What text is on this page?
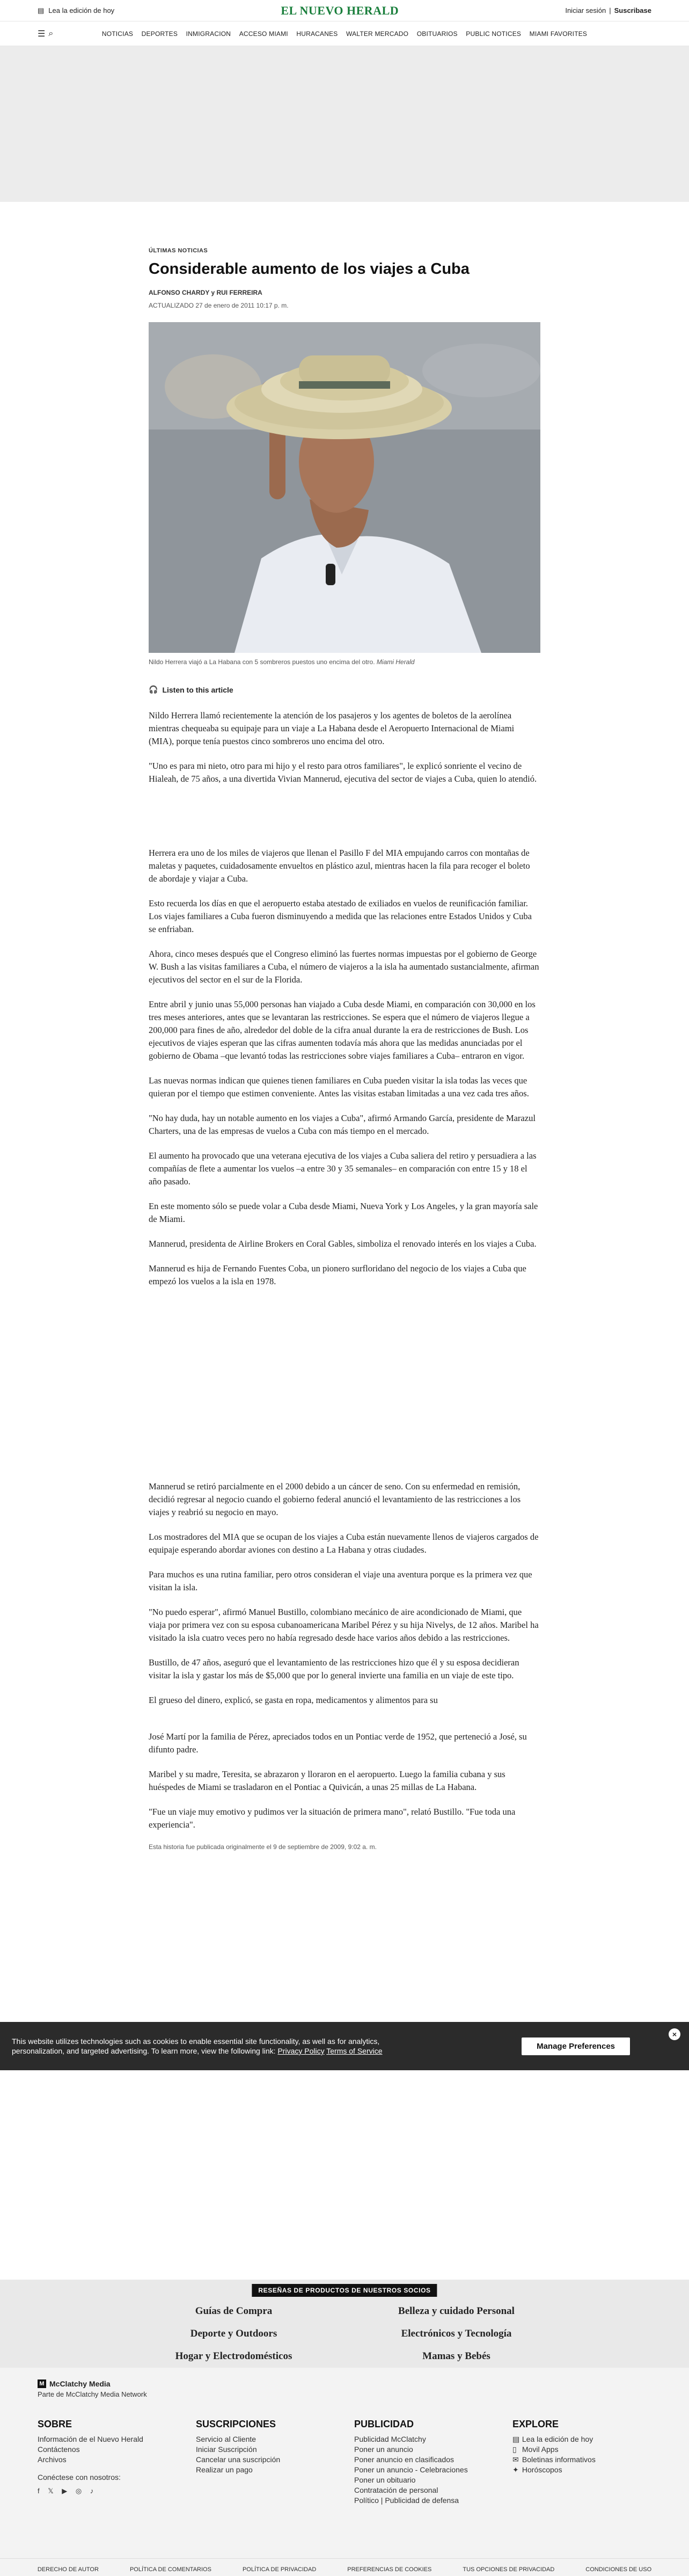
▤ Lea la edición de hoy	EL NUEVO HERALD	Iniciar sesión | Suscribase
☰ ⌕	NOTICIAS DEPORTES INMIGRACION ACCESO MIAMI HURACANES WALTER MERCADO OBITUARIOS PUBLIC NOTICES MIAMI FAVORITES
ÚLTIMAS NOTICIAS
Considerable aumento de los viajes a Cuba
ALFONSO CHARDY y RUI FERREIRA
ACTUALIZADO 27 de enero de 2011 10:17 p. m.
Nildo Herrera viajó a La Habana con 5 sombreros puestos uno encima del otro. Miami Herald
🎧 Listen to this article

Nildo Herrera llamó recientemente la atención de los pasajeros y los agentes de boletos de la aerolínea mientras chequeaba su equipaje para un viaje a La Habana desde el Aeropuerto Internacional de Miami (MIA), porque tenía puestos cinco sombreros uno encima del otro.

"Uno es para mi nieto, otro para mi hijo y el resto para otros familiares", le explicó sonriente el vecino de Hialeah, de 75 años, a una divertida Vivian Mannerud, ejecutiva del sector de viajes a Cuba, quien lo atendió.

Herrera era uno de los miles de viajeros que llenan el Pasillo F del MIA empujando carros con montañas de maletas y paquetes, cuidadosamente envueltos en plástico azul, mientras hacen la fila para recoger el boleto de abordaje y viajar a Cuba.

Esto recuerda los días en que el aeropuerto estaba atestado de exiliados en vuelos de reunificación familiar. Los viajes familiares a Cuba fueron disminuyendo a medida que las relaciones entre Estados Unidos y Cuba se enfriaban.

Ahora, cinco meses después que el Congreso eliminó las fuertes normas impuestas por el gobierno de George W. Bush a las visitas familiares a Cuba, el número de viajeros a la isla ha aumentado sustancialmente, afirman ejecutivos del sector en el sur de la Florida.

Entre abril y junio unas 55,000 personas han viajado a Cuba desde Miami, en comparación con 30,000 en los tres meses anteriores, antes que se levantaran las restricciones. Se espera que el número de viajeros llegue a 200,000 para fines de año, alrededor del doble de la cifra anual durante la era de restricciones de Bush. Los ejecutivos de viajes esperan que las cifras aumenten todavía más ahora que las medidas anunciadas por el gobierno de Obama –que levantó todas las restricciones sobre viajes familiares a Cuba– entraron en vigor.

Las nuevas normas indican que quienes tienen familiares en Cuba pueden visitar la isla todas las veces que quieran por el tiempo que estimen conveniente. Antes las visitas estaban limitadas a una vez cada tres años.

"No hay duda, hay un notable aumento en los viajes a Cuba", afirmó Armando García, presidente de Marazul Charters, una de las empresas de vuelos a Cuba con más tiempo en el mercado.

El aumento ha provocado que una veterana ejecutiva de los viajes a Cuba saliera del retiro y persuadiera a las compañías de flete a aumentar los vuelos –a entre 30 y 35 semanales– en comparación con entre 15 y 18 el año pasado.

En este momento sólo se puede volar a Cuba desde Miami, Nueva York y Los Angeles, y la gran mayoría sale de Miami.

Mannerud, presidenta de Airline Brokers en Coral Gables, simboliza el renovado interés en los viajes a Cuba.

Mannerud es hija de Fernando Fuentes Coba, un pionero surfloridano del negocio de los viajes a Cuba que empezó los vuelos a la isla en 1978.

Mannerud se retiró parcialmente en el 2000 debido a un cáncer de seno. Con su enfermedad en remisión, decidió regresar al negocio cuando el gobierno federal anunció el levantamiento de las restricciones a los viajes y reabrió su negocio en mayo.

Los mostradores del MIA que se ocupan de los viajes a Cuba están nuevamente llenos de viajeros cargados de equipaje esperando abordar aviones con destino a La Habana y otras ciudades.

Para muchos es una rutina familiar, pero otros consideran el viaje una aventura porque es la primera vez que visitan la isla.

"No puedo esperar", afirmó Manuel Bustillo, colombiano mecánico de aire acondicionado de Miami, que viaja por primera vez con su esposa cubanoamericana Maribel Pérez y su hija Nivelys, de 12 años. Maribel ha visitado la isla cuatro veces pero no había regresado desde hace varios años debido a las restricciones.

Bustillo, de 47 años, aseguró que el levantamiento de las restricciones hizo que él y su esposa decidieran visitar la isla y gastar los más de $5,000 que por lo general invierte una familia en un viaje de este tipo.

El grueso del dinero, explicó, se gasta en ropa, medicamentos y alimentos para su

José Martí por la familia de Pérez, apreciados todos en un Pontiac verde de 1952, que perteneció a José, su difunto padre.

Maribel y su madre, Teresita, se abrazaron y lloraron en el aeropuerto. Luego la familia cubana y sus huéspedes de Miami se trasladaron en el Pontiac a Quivicán, a unas 25 millas de La Habana.

"Fue un viaje muy emotivo y pudimos ver la situación de primera mano", relató Bustillo. "Fue toda una experiencia".

Esta historia fue publicada originalmente el 9 de septiembre de 2009, 9:02 a. m.
This website utilizes technologies such as cookies to enable essential site functionality, as well as for analytics, personalization, and targeted advertising. To learn more, view the following link: Privacy Policy Terms of Service
Manage Preferences
×
RESEÑAS DE PRODUCTOS DE NUESTROS SOCIOS
Guías de Compra	Belleza y cuidado Personal
Deporte y Outdoors	Electrónicos y Tecnología
Hogar y Electrodomésticos	Mamas y Bebés
M McClatchy Media
Parte de McClatchy Media Network
SOBRE
Información de el Nuevo Herald
Contáctenos
Archivos
Conéctese con nosotros:
f 𝕏 ▶ ◎ ♪
SUSCRIPCIONES
Servicio al Cliente
Iniciar Suscripción
Cancelar una suscripción
Realizar un pago
PUBLICIDAD
Publicidad McClatchy
Poner un anuncio
Poner anuncio en clasificados
Poner un anuncio - Celebraciones
Poner un obituario
Contratación de personal
Político | Publicidad de defensa
EXPLORE
▤ Lea la edición de hoy
▯ Movil Apps
✉ Boletinas informativos
✦ Horóscopos
DERECHO DE AUTOR	POLÍTICA DE COMENTARIOS	POLÍTICA DE PRIVACIDAD	PREFERENCIAS DE COOKIES	TUS OPCIONES DE PRIVACIDAD	CONDICIONES DE USO
